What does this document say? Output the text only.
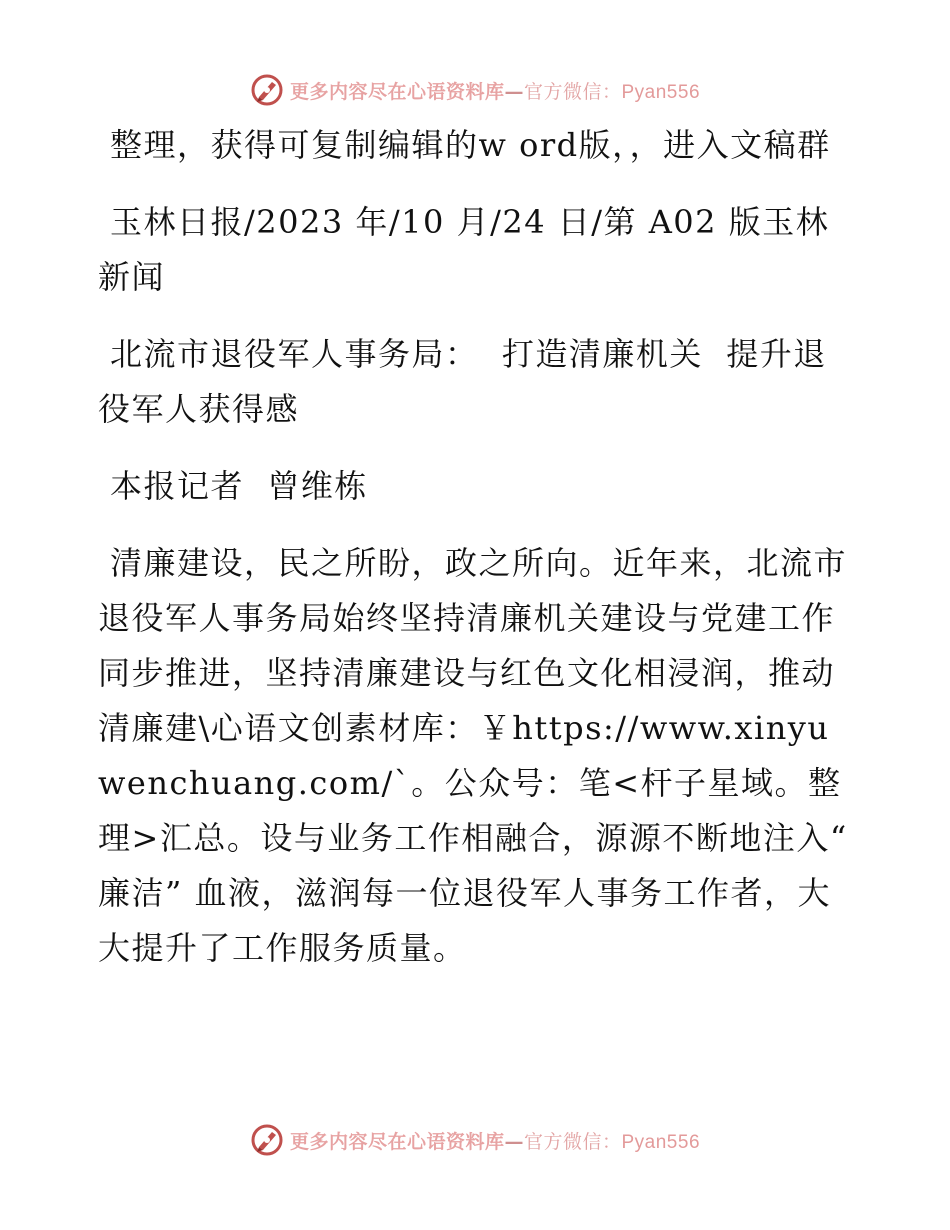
更多内容尽在心语资料库—官方微信：Pyan556

整理，获得可复制编辑的w ord版，，进入文稿群

玉林日报/2023 年/10 月/24 日/第 A02 版玉林新闻

北流市退役军人事务局：  打造清廉机关  提升退役军人获得感

本报记者  曾维栋

清廉建设，民之所盼，政之所向。近年来，北流市退役军人事务局始终坚持清廉机关建设与党建工作同步推进，坚持清廉建设与红色文化相浸润，推动清廉建\心语文创素材库：￥https://www.xinyuwenchuang.com/`。公众号：笔<杆子星域。整理>汇总。设与业务工作相融合，源源不断地注入“ 廉洁” 血液，滋润每一位退役军人事务工作者，大大提升了工作服务质量。

更多内容尽在心语资料库—官方微信：Pyan556
